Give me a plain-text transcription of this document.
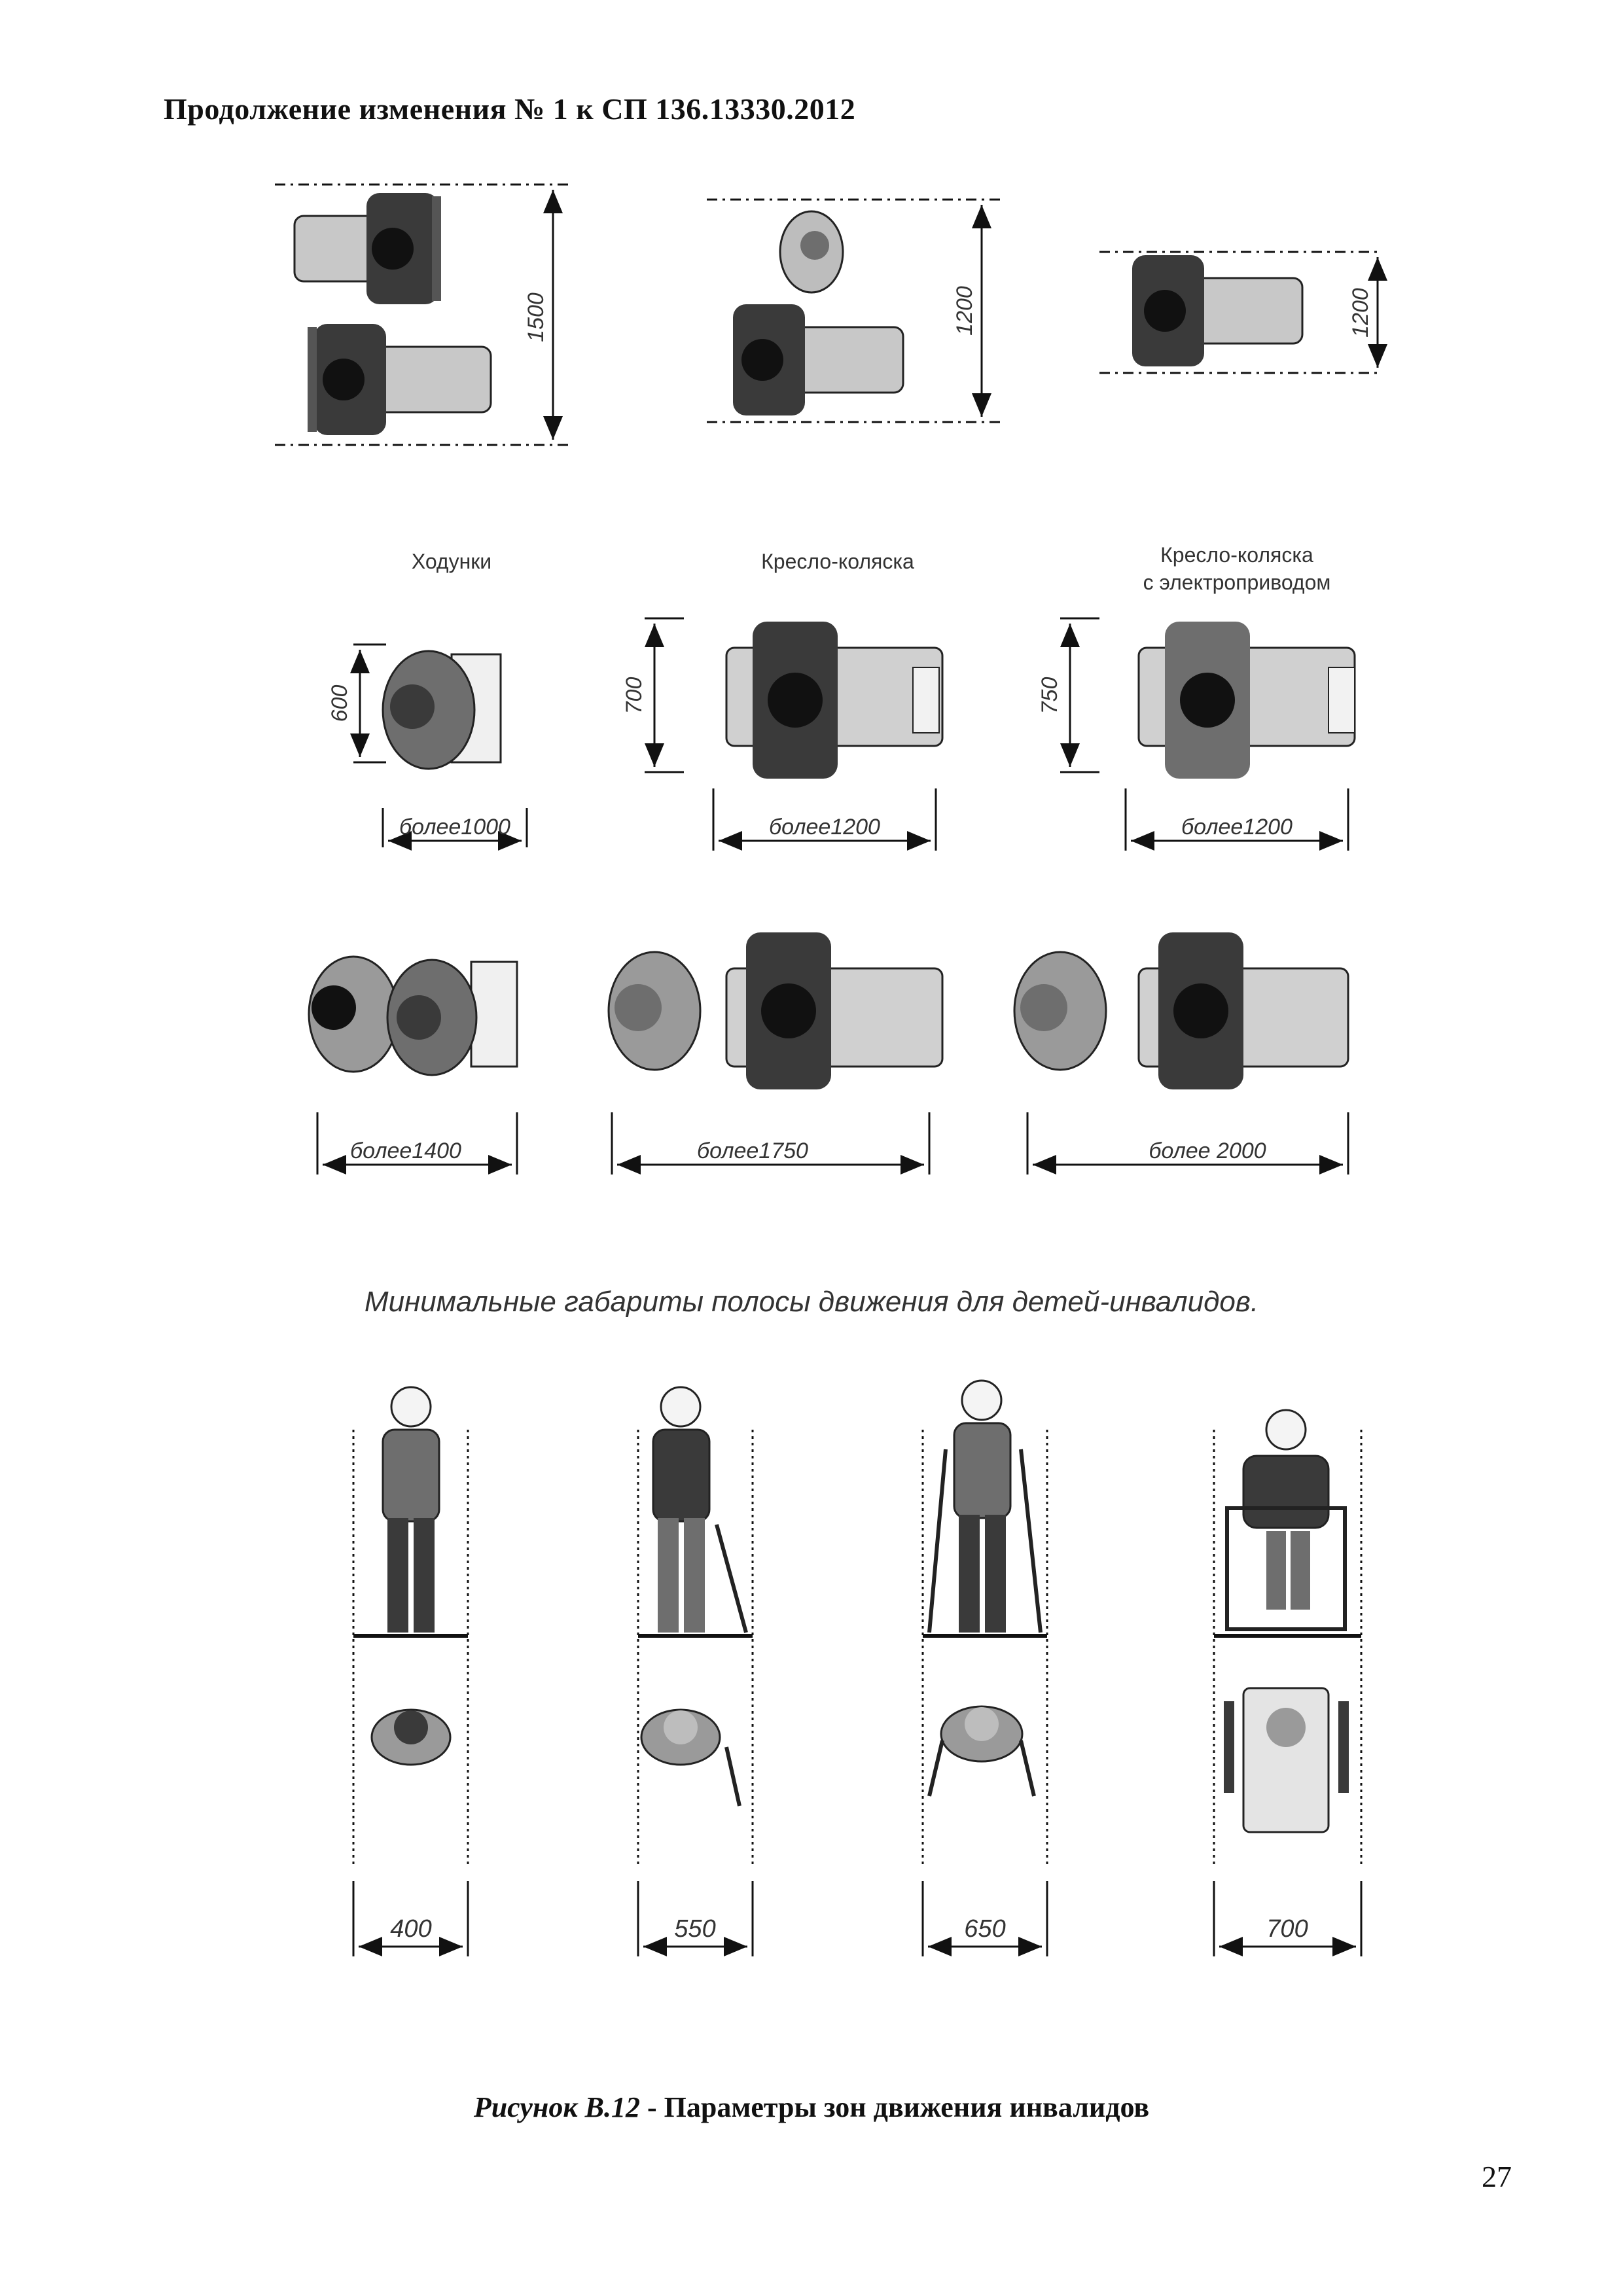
Продолжение изменения № 1 к СП 136.13330.2012
1500	1200	1200
600
более1000
700
более1200
750
более1200
более1400	более1750	более 2000
400	550	650	700
Ходунки	Кресло-коляска	Кресло-коляска
с электроприводом
Минимальные габариты полосы движения для детей-инвалидов.
Рисунок В.12 - Параметры зон движения инвалидов
27
